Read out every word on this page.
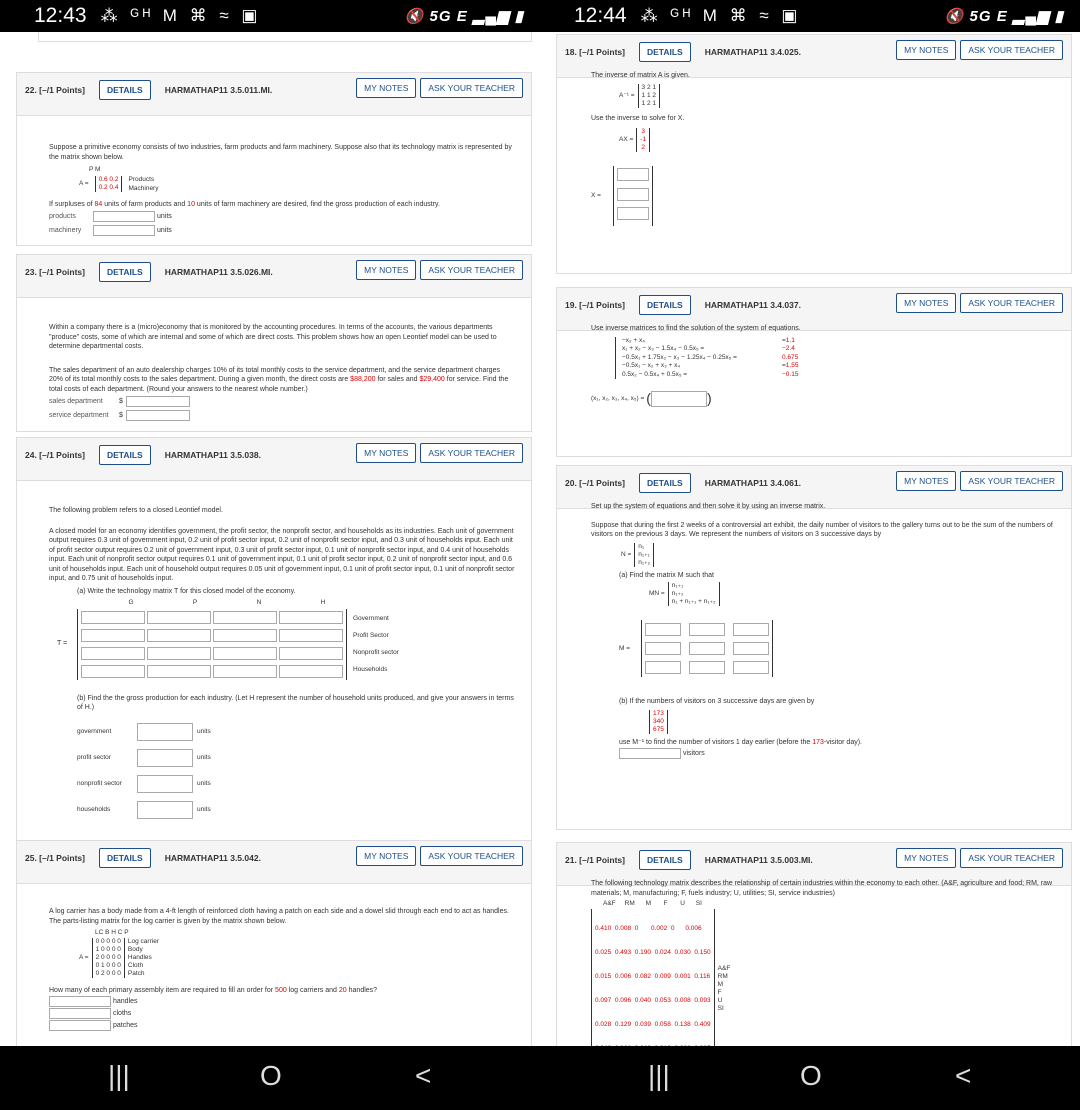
12:43 ⁂ ᴳᴴ M ⌘ ≈ ▣	🔇 5G E ▂▄▆ ▮ 12:44 ⁂ ᴳᴴ M ⌘ ≈ ▣	🔇 5G E ▂▄▆ ▮
22. [–/1 Points]	DETAILS	HARMATHAP11 3.5.011.MI.	MY NOTES	ASK YOUR TEACHER
Suppose a primitive economy consists of two industries, farm products and farm machinery. Suppose also that its technology matrix is represented by the matrix shown below.
P M
A =
0.6 0.2
0.2 0.4
Products
Machinery
If surpluses of 84 units of farm products and 10 units of farm machinery are desired, find the gross production of each industry.
products	units
machinery	units
23. [–/1 Points]	DETAILS	HARMATHAP11 3.5.026.MI.	MY NOTES	ASK YOUR TEACHER
Within a company there is a (micro)economy that is monitored by the accounting procedures. In terms of the accounts, the various departments "produce" costs, some of which are internal and some of which are direct costs. This problem shows how an open Leontief model can be used to determine departmental costs.
The sales department of an auto dealership charges 10% of its total monthly costs to the service department, and the service department charges 20% of its total monthly costs to the sales department. During a given month, the direct costs are $88,200 for sales and $29,400 for service. Find the total costs of each department. (Round your answers to the nearest whole number.)
sales department	$
service department	$
24. [–/1 Points]	DETAILS	HARMATHAP11 3.5.038.	MY NOTES	ASK YOUR TEACHER
The following problem refers to a closed Leontief model.
A closed model for an economy identifies government, the profit sector, the nonprofit sector, and households as its industries. Each unit of government output requires 0.3 unit of government input, 0.2 unit of profit sector input, 0.2 unit of nonprofit sector input, and 0.3 unit of households input. Each unit of profit sector output requires 0.2 unit of government input, 0.3 unit of profit sector input, 0.1 unit of nonprofit sector input, and 0.4 unit of households input. Each unit of nonprofit sector output requires 0.1 unit of government input, 0.1 unit of profit sector input, 0.2 unit of nonprofit sector input, and 0.6 unit of households input. Each unit of household output requires 0.05 unit of government input, 0.1 unit of profit sector input, 0.1 unit of nonprofit sector input, and 0.75 unit of households input.
(a) Write the technology matrix T for this closed model of the economy.
G	P	N	H
T =
Government
Profit Sector
Nonprofit sector
Households
(b) Find the the gross production for each industry. (Let H represent the number of household units produced, and give your answers in terms of H.)
government	units
profit sector	units
nonprofit sector	units
households	units
25. [–/1 Points]	DETAILS	HARMATHAP11 3.5.042.	MY NOTES	ASK YOUR TEACHER
A log carrier has a body made from a 4-ft length of reinforced cloth having a patch on each side and a dowel slid through each end to act as handles. The parts-listing matrix for the log carrier is given by the matrix shown below.
LC B H C P
A =
0 0 0 0 0
1 0 0 0 0
2 0 0 0 0
0 1 0 0 0
0 2 0 0 0
Log carrier
Body
Handles
Cloth
Patch
How many of each primary assembly item are required to fill an order for 500 log carriers and 20 handles?
handles
cloths
patches
18. [–/1 Points]	DETAILS	HARMATHAP11 3.4.025.	MY NOTES	ASK YOUR TEACHER
The inverse of matrix A is given.
A⁻¹ =
3 2 1
1 1 2
1 2 1
Use the inverse to solve for X.
AX =
3
-1
2
X =
19. [–/1 Points]	DETAILS	HARMATHAP11 3.4.037.	MY NOTES	ASK YOUR TEACHER
Use inverse matrices to find the solution of the system of equations.
−x₂ + x₄	= 1.1
x₁ + x₂ − x₃ − 1.5x₄ − 0.5x₅ =	−2.4
−0.5x₁ + 1.75x₂ − x₃ − 1.25x₄ − 0.25x₅ =	0.675
−0.5x₁ − x₂ + x₃ + x₄	= 1.55
0.5x₂ − 0.5x₄ + 0.5x₅ =	−0.15
(x₁, x₂, x₃, x₄, x₅) = (	)
20. [–/1 Points]	DETAILS	HARMATHAP11 3.4.061.	MY NOTES	ASK YOUR TEACHER
Set up the system of equations and then solve it by using an inverse matrix.
Suppose that during the first 2 weeks of a controversial art exhibit, the daily number of visitors to the gallery turns out to be the sum of the numbers of visitors on the previous 3 days. We represent the numbers of visitors on 3 successive days by
N =
n₁
n₁₊₁
n₁₊₂
(a) Find the matrix M such that
MN =
n₁₊₁
n₁₊₂
n₁ + n₁₊₁ + n₁₊₂
M =
(b) If the numbers of visitors on 3 successive days are given by
173
340
675
use M⁻¹ to find the number of visitors 1 day earlier (before the 173-visitor day).
visitors
21. [–/1 Points]	DETAILS	HARMATHAP11 3.5.003.MI.	MY NOTES	ASK YOUR TEACHER
The following technology matrix describes the relationship of certain industries within the economy to each other. (A&F, agriculture and food; RM, raw materials; M, manufacturing; F, fuels industry; U, utilities; SI, service industries)
A&F     RM      M       F       U      SI

0.410  0.008  0       0.002  0      0.006

0.025  0.493  0.190  0.024  0.030  0.150

0.015  0.006  0.082  0.009  0.001  0.116

0.097  0.096  0.040  0.053  0.008  0.093

0.028  0.129  0.039  0.058  0.138  0.409

A&F
RM
M
F
U
SI
|||	O	<	|||	O	<
